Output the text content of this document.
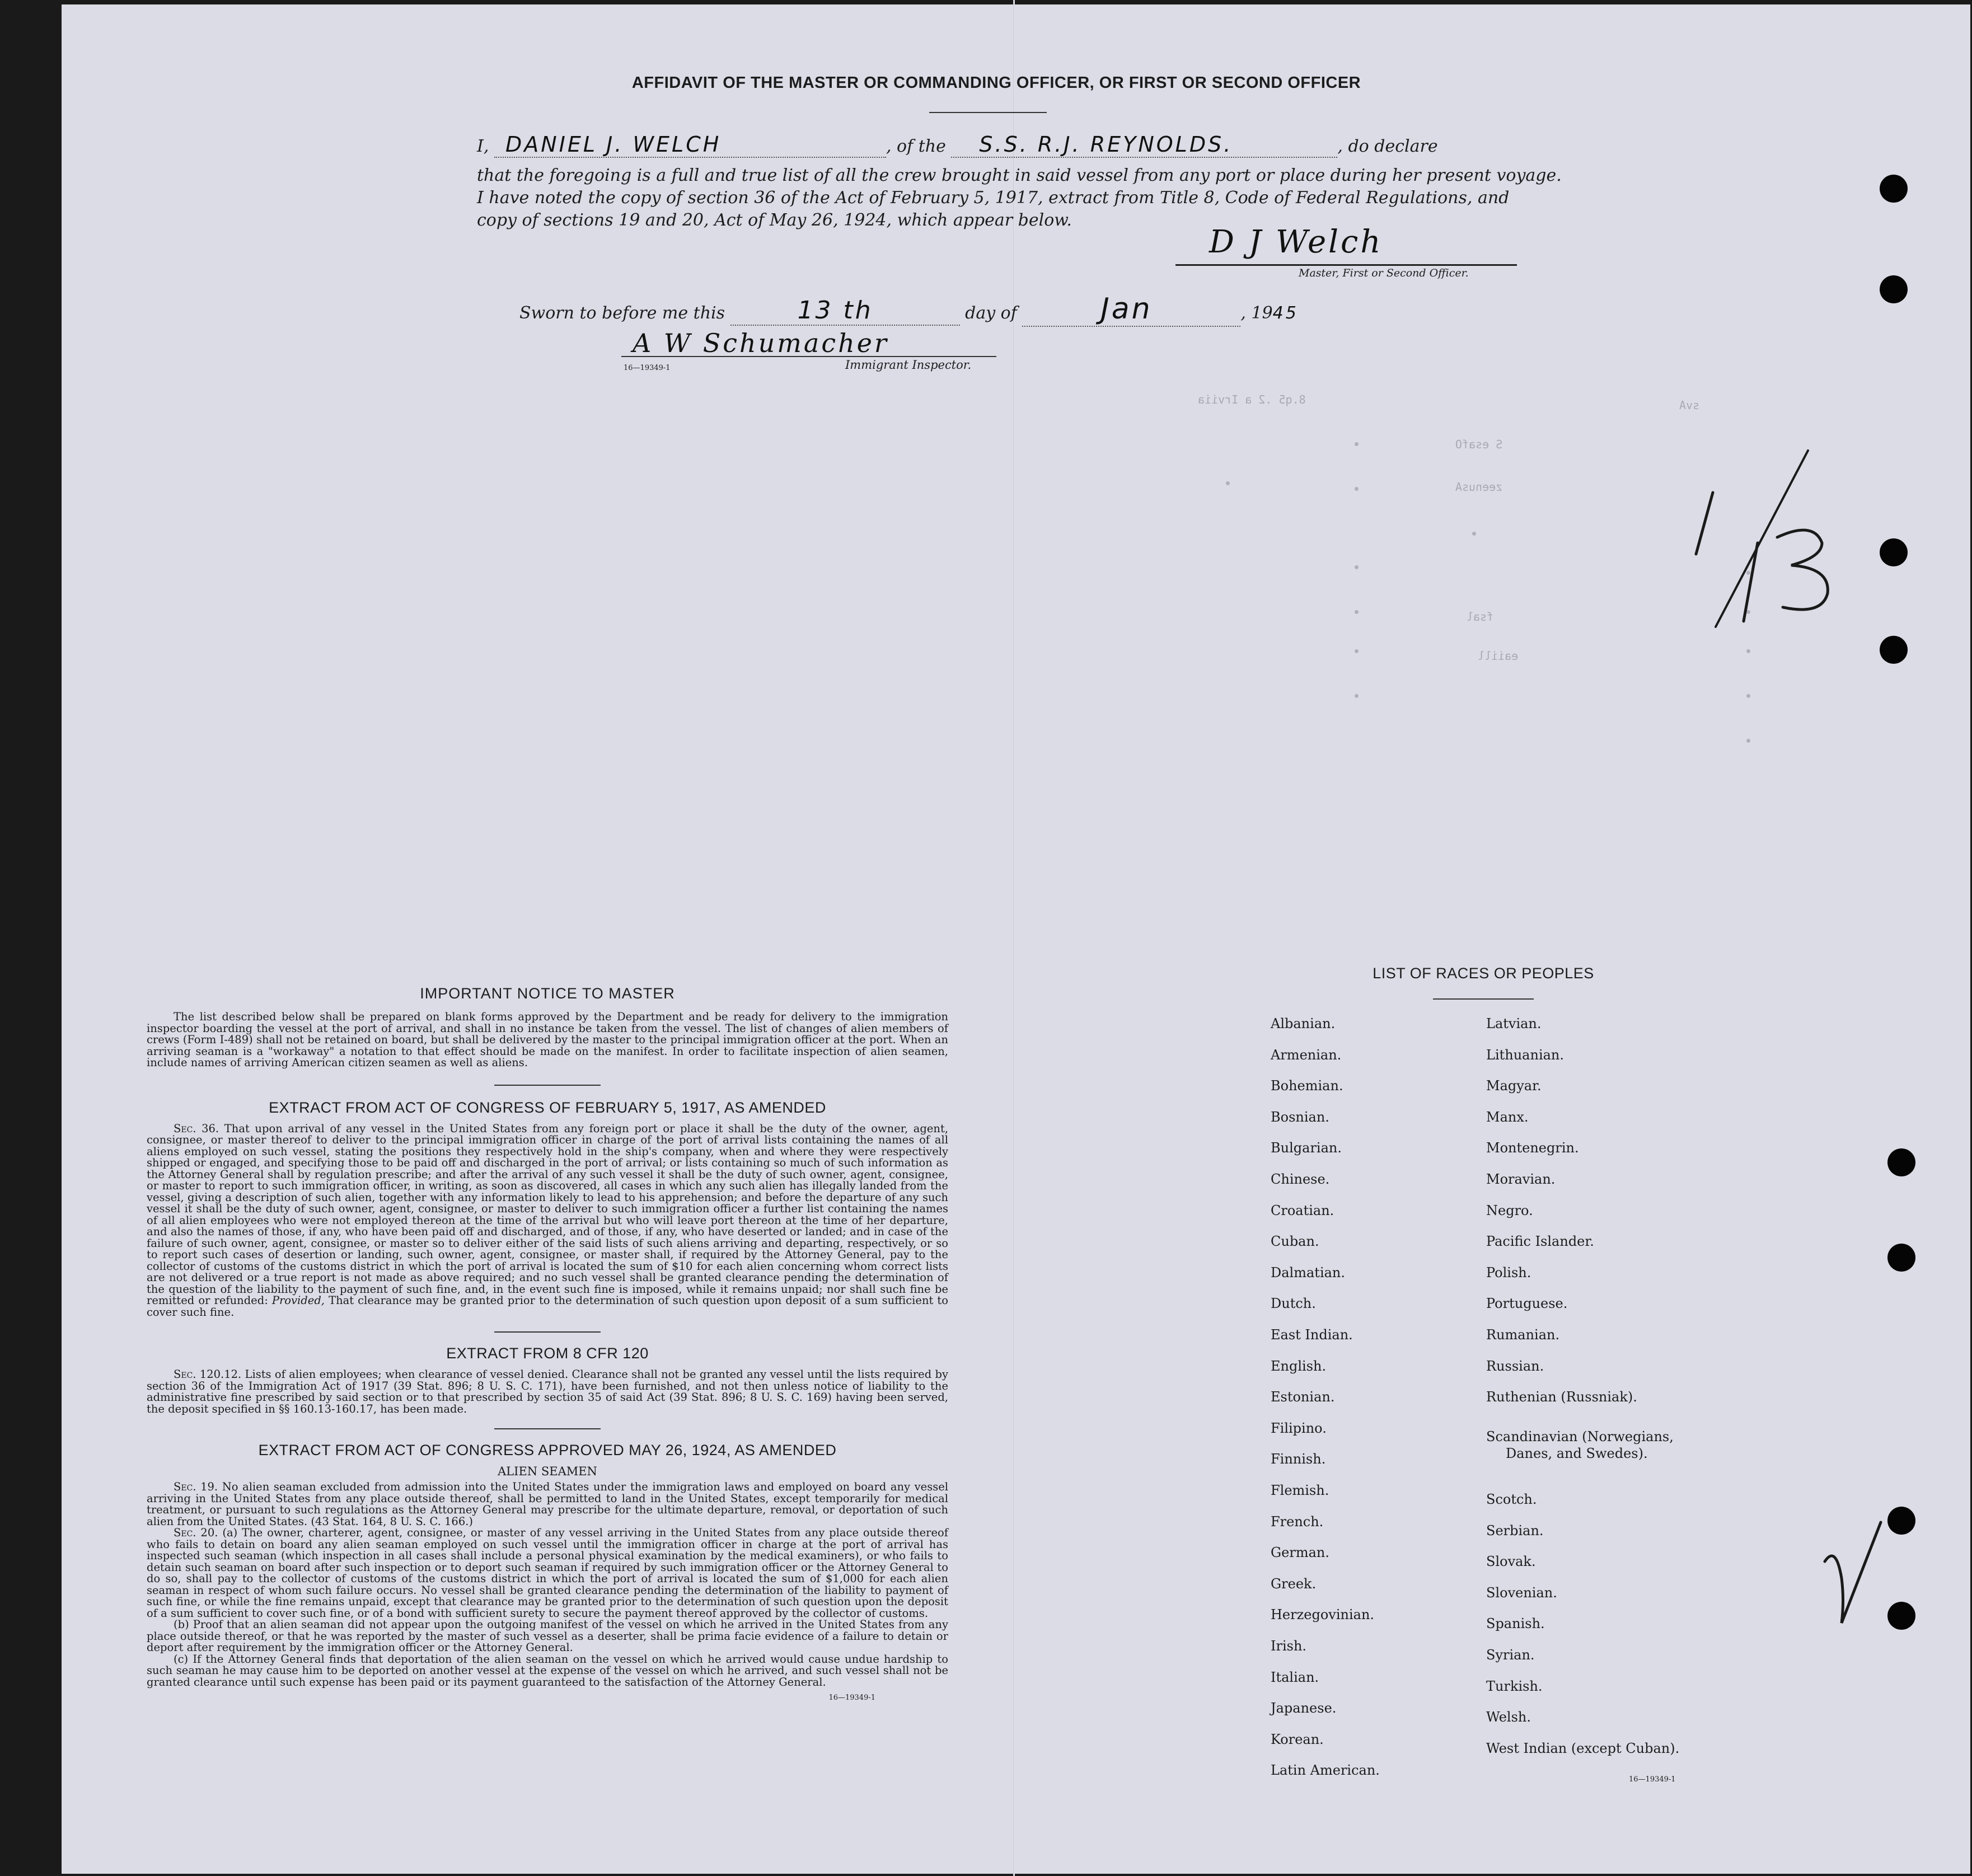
8.q5 .2 a Irviia
S esafO
zeenusA
fsal
eaiill
svA
AFFIDAVIT OF THE MASTER OR COMMANDING OFFICER, OR FIRST OR SECOND OFFICER
I, DANIEL J. WELCH	, of the S.S. R.J. REYNOLDS.	, do declare
that the foregoing is a full and true list of all the crew brought in said vessel from any port or place during her present voyage.
I have noted the copy of section 36 of the Act of February 5, 1917, extract from Title 8, Code of Federal Regulations, and
copy of sections 19 and 20, Act of May 26, 1924, which appear below.
D J Welch
Master, First or Second Officer.
Sworn to before me this	13 th	day of	Jan	, 1945
A W Schumacher
16—19349-1	Immigrant Inspector.
IMPORTANT NOTICE TO MASTER

The list described below shall be prepared on blank forms approved by the Department and be ready for delivery to the immigration inspector boarding the vessel at the port of arrival, and shall in no instance be taken from the vessel. The list of changes of alien members of crews (Form I-489) shall not be retained on board, but shall be delivered by the master to the principal immigration officer at the port. When an arriving seaman is a "workaway" a notation to that effect should be made on the manifest. In order to facilitate inspection of alien seamen, include names of arriving American citizen seamen as well as aliens.

EXTRACT FROM ACT OF CONGRESS OF FEBRUARY 5, 1917, AS AMENDED

Sec. 36. That upon arrival of any vessel in the United States from any foreign port or place it shall be the duty of the owner, agent, consignee, or master thereof to deliver to the principal immigration officer in charge of the port of arrival lists containing the names of all aliens employed on such vessel, stating the positions they respectively hold in the ship's company, when and where they were respectively shipped or engaged, and specifying those to be paid off and discharged in the port of arrival; or lists containing so much of such information as the Attorney General shall by regulation prescribe; and after the arrival of any such vessel it shall be the duty of such owner, agent, consignee, or master to report to such immigration officer, in writing, as soon as discovered, all cases in which any such alien has illegally landed from the vessel, giving a description of such alien, together with any information likely to lead to his apprehension; and before the departure of any such vessel it shall be the duty of such owner, agent, consignee, or master to deliver to such immigration officer a further list containing the names of all alien employees who were not employed thereon at the time of the arrival but who will leave port thereon at the time of her departure, and also the names of those, if any, who have been paid off and discharged, and of those, if any, who have deserted or landed; and in case of the failure of such owner, agent, consignee, or master so to deliver either of the said lists of such aliens arriving and departing, respectively, or so to report such cases of desertion or landing, such owner, agent, consignee, or master shall, if required by the Attorney General, pay to the collector of customs of the customs district in which the port of arrival is located the sum of $10 for each alien concerning whom correct lists are not delivered or a true report is not made as above required; and no such vessel shall be granted clearance pending the determination of the question of the liability to the payment of such fine, and, in the event such fine is imposed, while it remains unpaid; nor shall such fine be remitted or refunded: Provided, That clearance may be granted prior to the determination of such question upon deposit of a sum sufficient to cover such fine.

EXTRACT FROM 8 CFR 120

Sec. 120.12. Lists of alien employees; when clearance of vessel denied. Clearance shall not be granted any vessel until the lists required by section 36 of the Immigration Act of 1917 (39 Stat. 896; 8 U. S. C. 171), have been furnished, and not then unless notice of liability to the administrative fine prescribed by said section or to that prescribed by section 35 of said Act (39 Stat. 896; 8 U. S. C. 169) having been served, the deposit specified in §§ 160.13-160.17, has been made.

EXTRACT FROM ACT OF CONGRESS APPROVED MAY 26, 1924, AS AMENDED
ALIEN SEAMEN

Sec. 19. No alien seaman excluded from admission into the United States under the immigration laws and employed on board any vessel arriving in the United States from any place outside thereof, shall be permitted to land in the United States, except temporarily for medical treatment, or pursuant to such regulations as the Attorney General may prescribe for the ultimate departure, removal, or deportation of such alien from the United States. (43 Stat. 164, 8 U. S. C. 166.)

Sec. 20. (a) The owner, charterer, agent, consignee, or master of any vessel arriving in the United States from any place outside thereof who fails to detain on board any alien seaman employed on such vessel until the immigration officer in charge at the port of arrival has inspected such seaman (which inspection in all cases shall include a personal physical examination by the medical examiners), or who fails to detain such seaman on board after such inspection or to deport such seaman if required by such immigration officer or the Attorney General to do so, shall pay to the collector of customs of the customs district in which the port of arrival is located the sum of $1,000 for each alien seaman in respect of whom such failure occurs. No vessel shall be granted clearance pending the determination of the liability to payment of such fine, or while the fine remains unpaid, except that clearance may be granted prior to the determination of such question upon the deposit of a sum sufficient to cover such fine, or of a bond with sufficient surety to secure the payment thereof approved by the collector of customs.

(b) Proof that an alien seaman did not appear upon the outgoing manifest of the vessel on which he arrived in the United States from any place outside thereof, or that he was reported by the master of such vessel as a deserter, shall be prima facie evidence of a failure to detain or deport after requirement by the immigration officer or the Attorney General.

(c) If the Attorney General finds that deportation of the alien seaman on the vessel on which he arrived would cause undue hardship to such seaman he may cause him to be deported on another vessel at the expense of the vessel on which he arrived, and such vessel shall not be granted clearance until such expense has been paid or its payment guaranteed to the satisfaction of the Attorney General.

16—19349-1
LIST OF RACES OR PEOPLES
Albanian.
Armenian.
Bohemian.
Bosnian.
Bulgarian.
Chinese.
Croatian.
Cuban.
Dalmatian.
Dutch.
East Indian.
English.
Estonian.
Filipino.
Finnish.
Flemish.
French.
German.
Greek.
Herzegovinian.
Irish.
Italian.
Japanese.
Korean.
Latin American.
Latvian.
Lithuanian.
Magyar.
Manx.
Montenegrin.
Moravian.
Negro.
Pacific Islander.
Polish.
Portuguese.
Rumanian.
Russian.
Ruthenian (Russniak).
Scandinavian (Norwegians,
Danes, and Swedes).
Scotch.
Serbian.
Slovak.
Slovenian.
Spanish.
Syrian.
Turkish.
Welsh.
West Indian (except Cuban).
16—19349-1
